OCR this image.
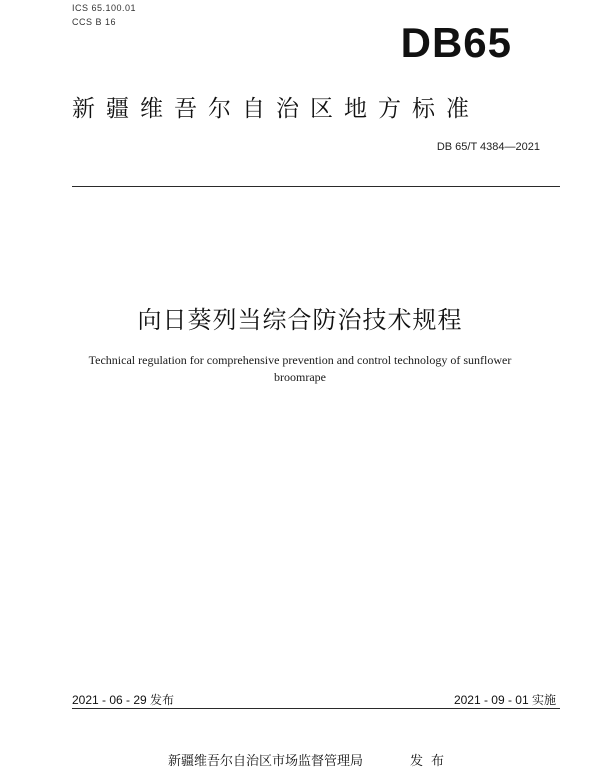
ICS 65.100.01
CCS B 16	DB65
新疆维吾尔自治区地方标准
DB 65/T 4384—2021
向日葵列当综合防治技术规程
Technical regulation for comprehensive prevention and control technology of sunflower broomrape
2021 - 06 - 29 发布	2021 - 09 - 01 实施
新疆维吾尔自治区市场监督管理局	发布
